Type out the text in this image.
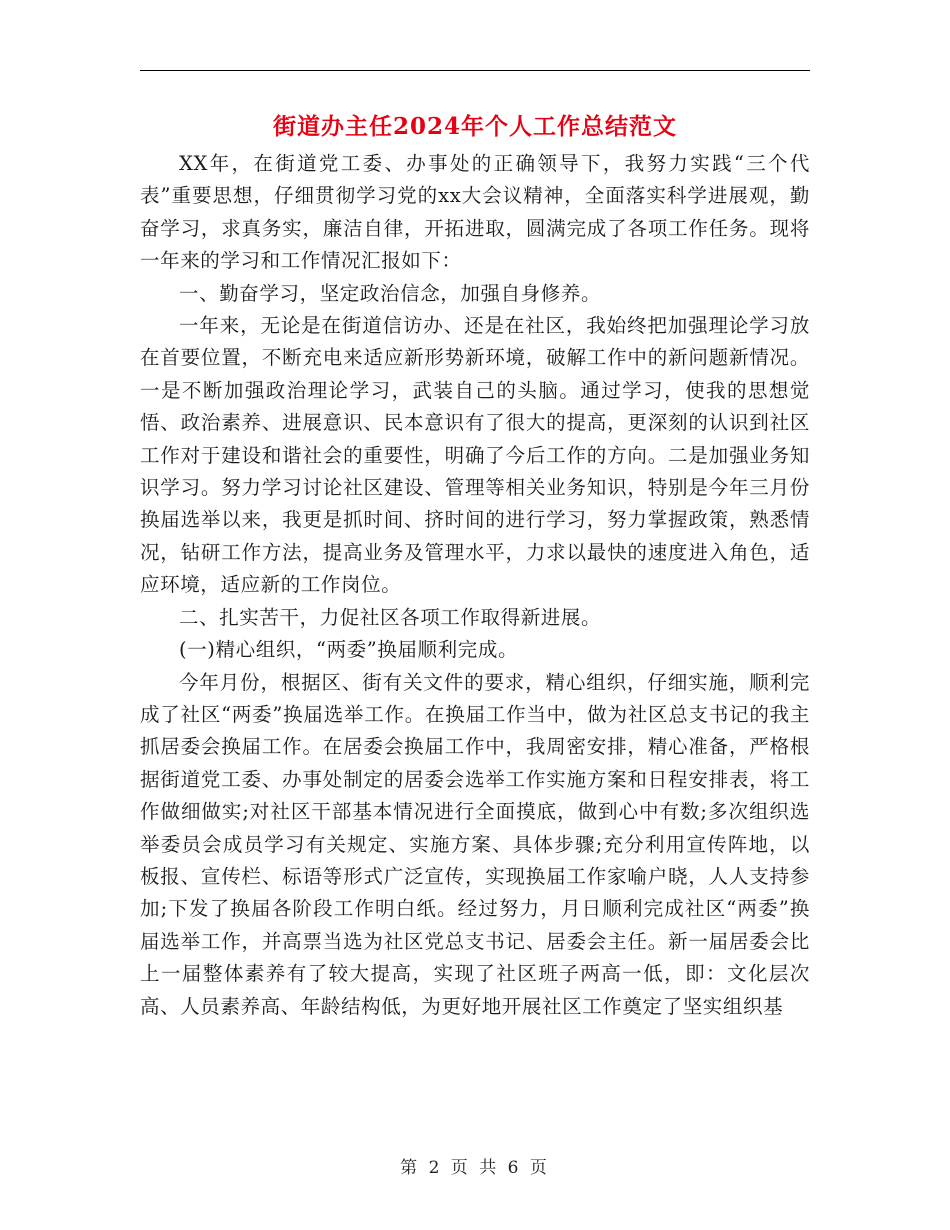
街道办主任2024年个人工作总结范文

XX年，在街道党工委、办事处的正确领导下，我努力实践“三个代表”重要思想，仔细贯彻学习党的xx大会议精神，全面落实科学进展观，勤奋学习，求真务实，廉洁自律，开拓进取，圆满完成了各项工作任务。现将一年来的学习和工作情况汇报如下：

一、勤奋学习，坚定政治信念，加强自身修养。

一年来，无论是在街道信访办、还是在社区，我始终把加强理论学习放在首要位置，不断充电来适应新形势新环境，破解工作中的新问题新情况。一是不断加强政治理论学习，武装自己的头脑。通过学习，使我的思想觉悟、政治素养、进展意识、民本意识有了很大的提高，更深刻的认识到社区工作对于建设和谐社会的重要性，明确了今后工作的方向。二是加强业务知识学习。努力学习讨论社区建设、管理等相关业务知识，特别是今年三月份换届选举以来，我更是抓时间、挤时间的进行学习，努力掌握政策，熟悉情况，钻研工作方法，提高业务及管理水平，力求以最快的速度进入角色，适应环境，适应新的工作岗位。

二、扎实苦干，力促社区各项工作取得新进展。

(一)精心组织，“两委”换届顺利完成。

今年月份，根据区、街有关文件的要求，精心组织，仔细实施，顺利完成了社区“两委”换届选举工作。在换届工作当中，做为社区总支书记的我主抓居委会换届工作。在居委会换届工作中，我周密安排，精心准备，严格根据街道党工委、办事处制定的居委会选举工作实施方案和日程安排表，将工作做细做实;对社区干部基本情况进行全面摸底，做到心中有数;多次组织选举委员会成员学习有关规定、实施方案、具体步骤;充分利用宣传阵地，以板报、宣传栏、标语等形式广泛宣传，实现换届工作家喻户晓，人人支持参加;下发了换届各阶段工作明白纸。经过努力，月日顺利完成社区“两委”换届选举工作，并高票当选为社区党总支书记、居委会主任。新一届居委会比上一届整体素养有了较大提高，实现了社区班子两高一低，即：文化层次高、人员素养高、年龄结构低，为更好地开展社区工作奠定了坚实组织基

第 2 页 共 6 页
